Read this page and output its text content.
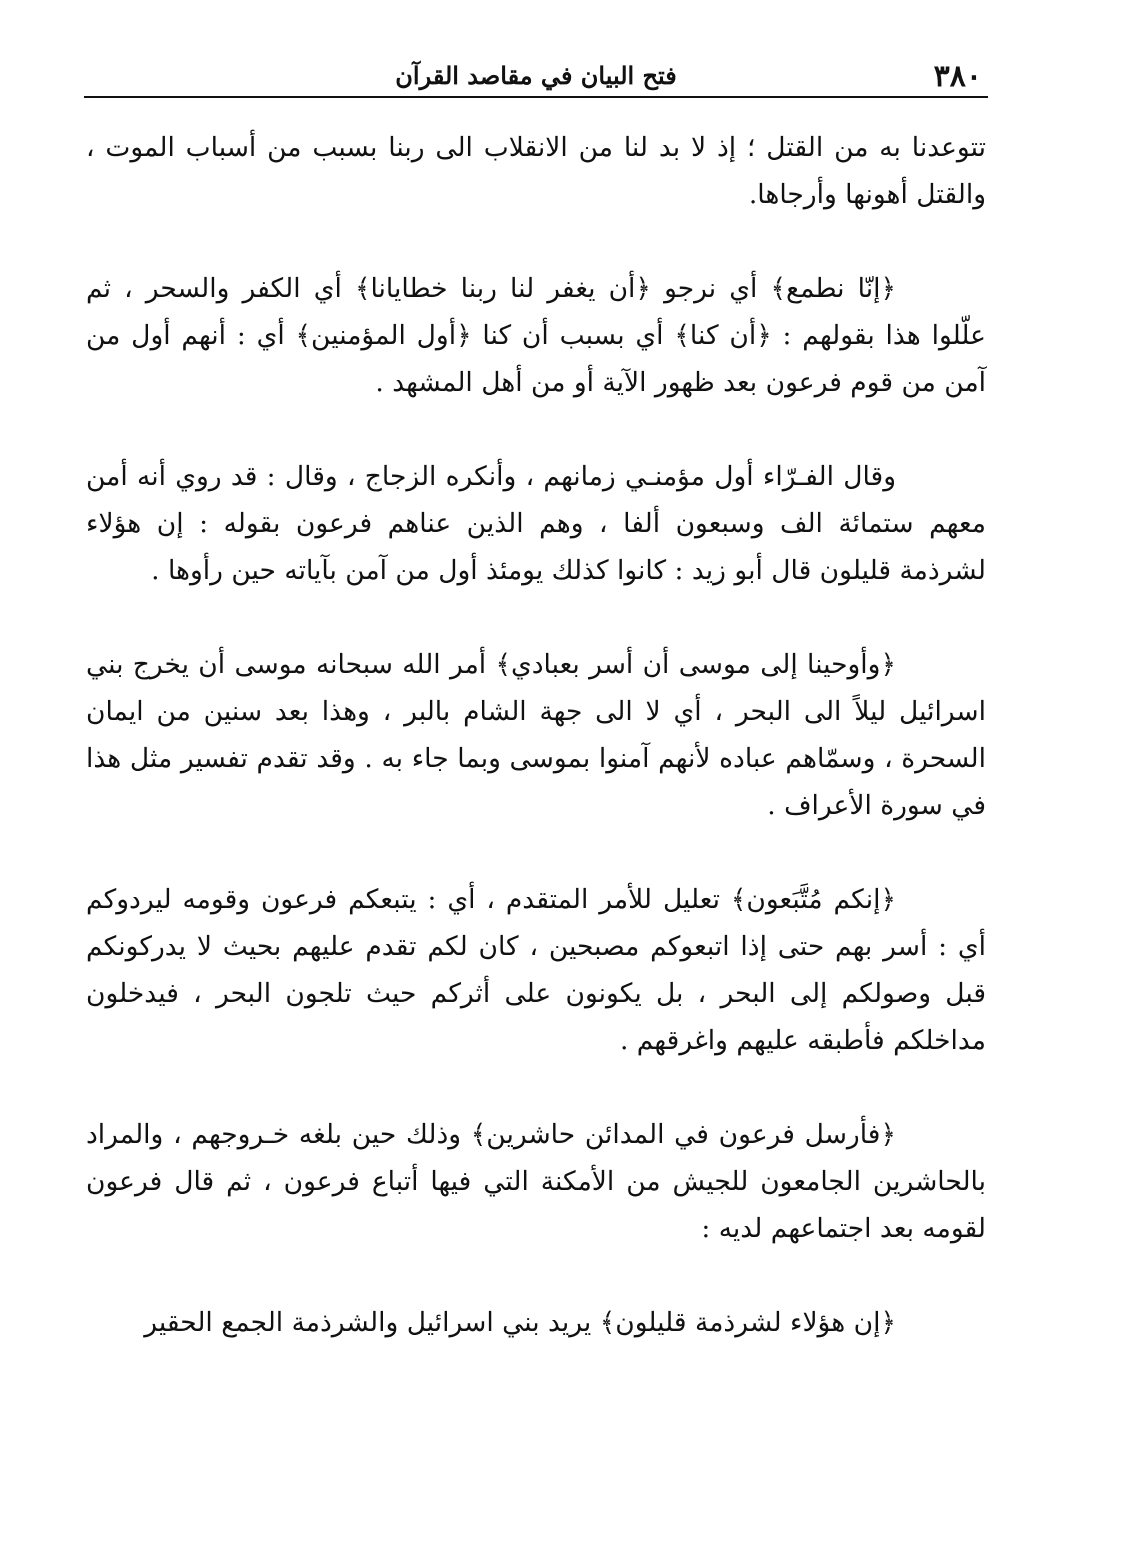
٣٨٠
فتح البيان في مقاصد القرآن

تتوعدنا به من القتل ؛ إذ لا بد لنا من الانقلاب الى ربنا بسبب من أسباب الموت ، والقتل أهونها وأرجاها.

﴿إنّا نطمع﴾ أي نرجو ﴿أن يغفر لنا ربنا خطايانا﴾ أي الكفر والسحر ، ثم علّلوا هذا بقولهم : ﴿أن كنا﴾ أي بسبب أن كنا ﴿أول المؤمنين﴾ أي : أنهم أول من آمن من قوم فرعون بعد ظهور الآية أو من أهل المشهد .

وقال الفـرّاء أول مؤمنـي زمانهم ، وأنكره الزجاج ، وقال : قد روي أنه أمن معهم ستمائة الف وسبعون ألفا ، وهم الذين عناهم فرعون بقوله : إن هؤلاء لشرذمة قليلون قال أبو زيد : كانوا كذلك يومئذ أول من آمن بآياته حين رأوها .

﴿وأوحينا إلى موسى أن أسر بعبادي﴾ أمر الله سبحانه موسى أن يخرج بني اسرائيل ليلاً الى البحر ، أي لا الى جهة الشام بالبر ، وهذا بعد سنين من ايمان السحرة ، وسمّاهم عباده لأنهم آمنوا بموسى وبما جاء به . وقد تقدم تفسير مثل هذا في سورة الأعراف .

﴿إنكم مُتَّبَعون﴾ تعليل للأمر المتقدم ، أي : يتبعكم فرعون وقومه ليردوكم أي : أسر بهم حتى إذا اتبعوكم مصبحين ، كان لكم تقدم عليهم بحيث لا يدركونكم قبل وصولكم إلى البحر ، بل يكونون على أثركم حيث تلجون البحر ، فيدخلون مداخلكم فأطبقه عليهم واغرقهم .

﴿فأرسل فرعون في المدائن حاشرين﴾ وذلك حين بلغه خـروجهم ، والمراد بالحاشرين الجامعون للجيش من الأمكنة التي فيها أتباع فرعون ، ثم قال فرعون لقومه بعد اجتماعهم لديه :

﴿إن هؤلاء لشرذمة قليلون﴾ يريد بني اسرائيل والشرذمة الجمع الحقير
